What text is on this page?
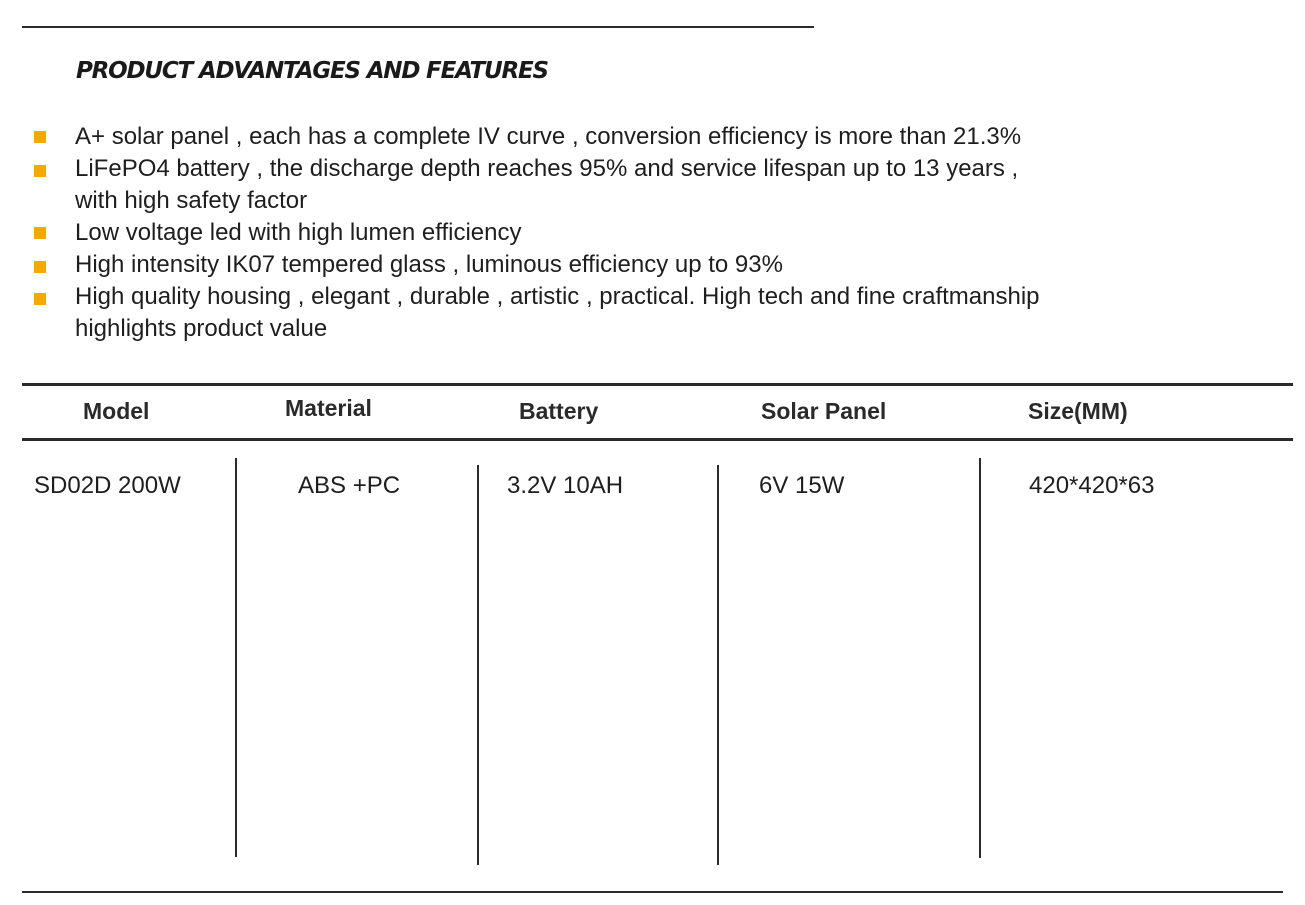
PRODUCT ADVANTAGES AND FEATURES
A+ solar panel , each has a complete IV curve , conversion efficiency is more than 21.3%
LiFePO4 battery , the discharge depth reaches 95% and service lifespan up to 13 years ,
with high safety factor
Low voltage led with high lumen efficiency
High intensity IK07 tempered glass , luminous efficiency up to 93%
High quality housing , elegant , durable , artistic , practical. High tech and fine craftmanship
highlights product value
Model	Material	Battery	Solar Panel	Size(MM)
SD02D 200W	ABS +PC	3.2V 10AH	6V 15W	420*420*63
